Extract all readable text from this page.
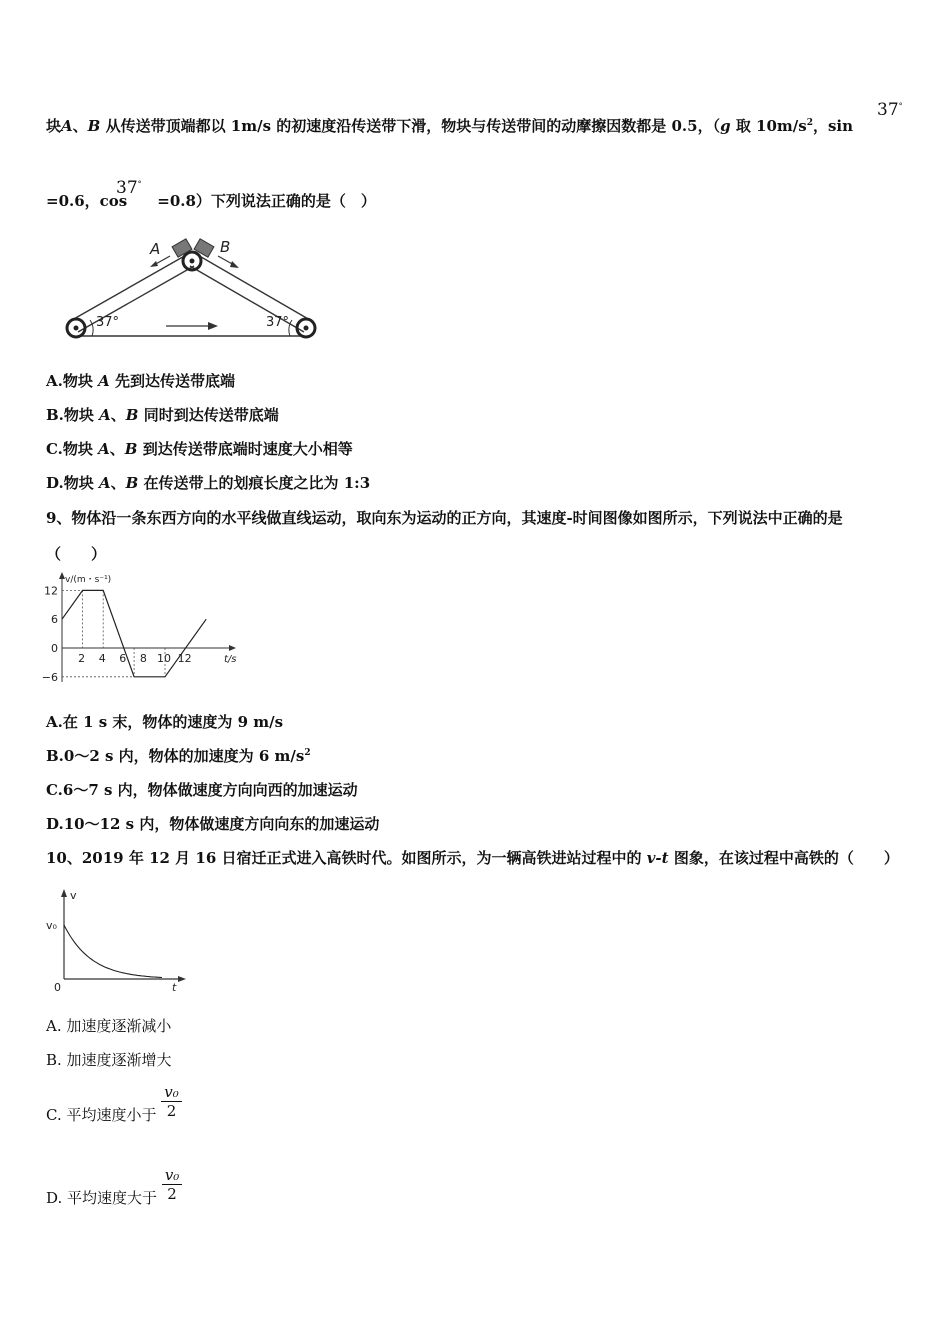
块A、B 从传送带顶端都以 1m/s 的初速度沿传送带下滑，物块与传送带间的动摩擦因数都是 0.5，（g 取 $10m/s^2$，sin
37°
37°
=0.6，cos =0.8）下列说法正确的是（　）
A	B
37°	37°
A.物块 A 先到达传送带底端
B.物块 A、B 同时到达传送带底端
C.物块 A、B 到达传送带底端时速度大小相等
D.物块 A、B 在传送带上的划痕长度之比为 1:3
9、物体沿一条东西方向的水平线做直线运动，取向东为运动的正方向，其速度-时间图像如图所示，下列说法中正确的是
（　　）
v/(m・s⁻¹)
t/s
12
6
0
−6
2 4 6 8 10 12
A.在 1 s 末，物体的速度为 9 m/s
B.0～2 s 内，物体的加速度为 6 $m/s^2$
C.6～7 s 内，物体做速度方向向西的加速运动
D.10～12 s 内，物体做速度方向向东的加速运动
10、2019 年 12 月 16 日宿迁正式进入高铁时代。如图所示，为一辆高铁进站过程中的 v-t 图象，在该过程中高铁的（　　）
v
t
0
v₀
A. 加速度逐渐减小
B. 加速度逐渐增大
C. 平均速度小于 $\frac{\text{v₀}}{2}$
D. 平均速度大于 $\frac{\text{v₀}}{2}$
